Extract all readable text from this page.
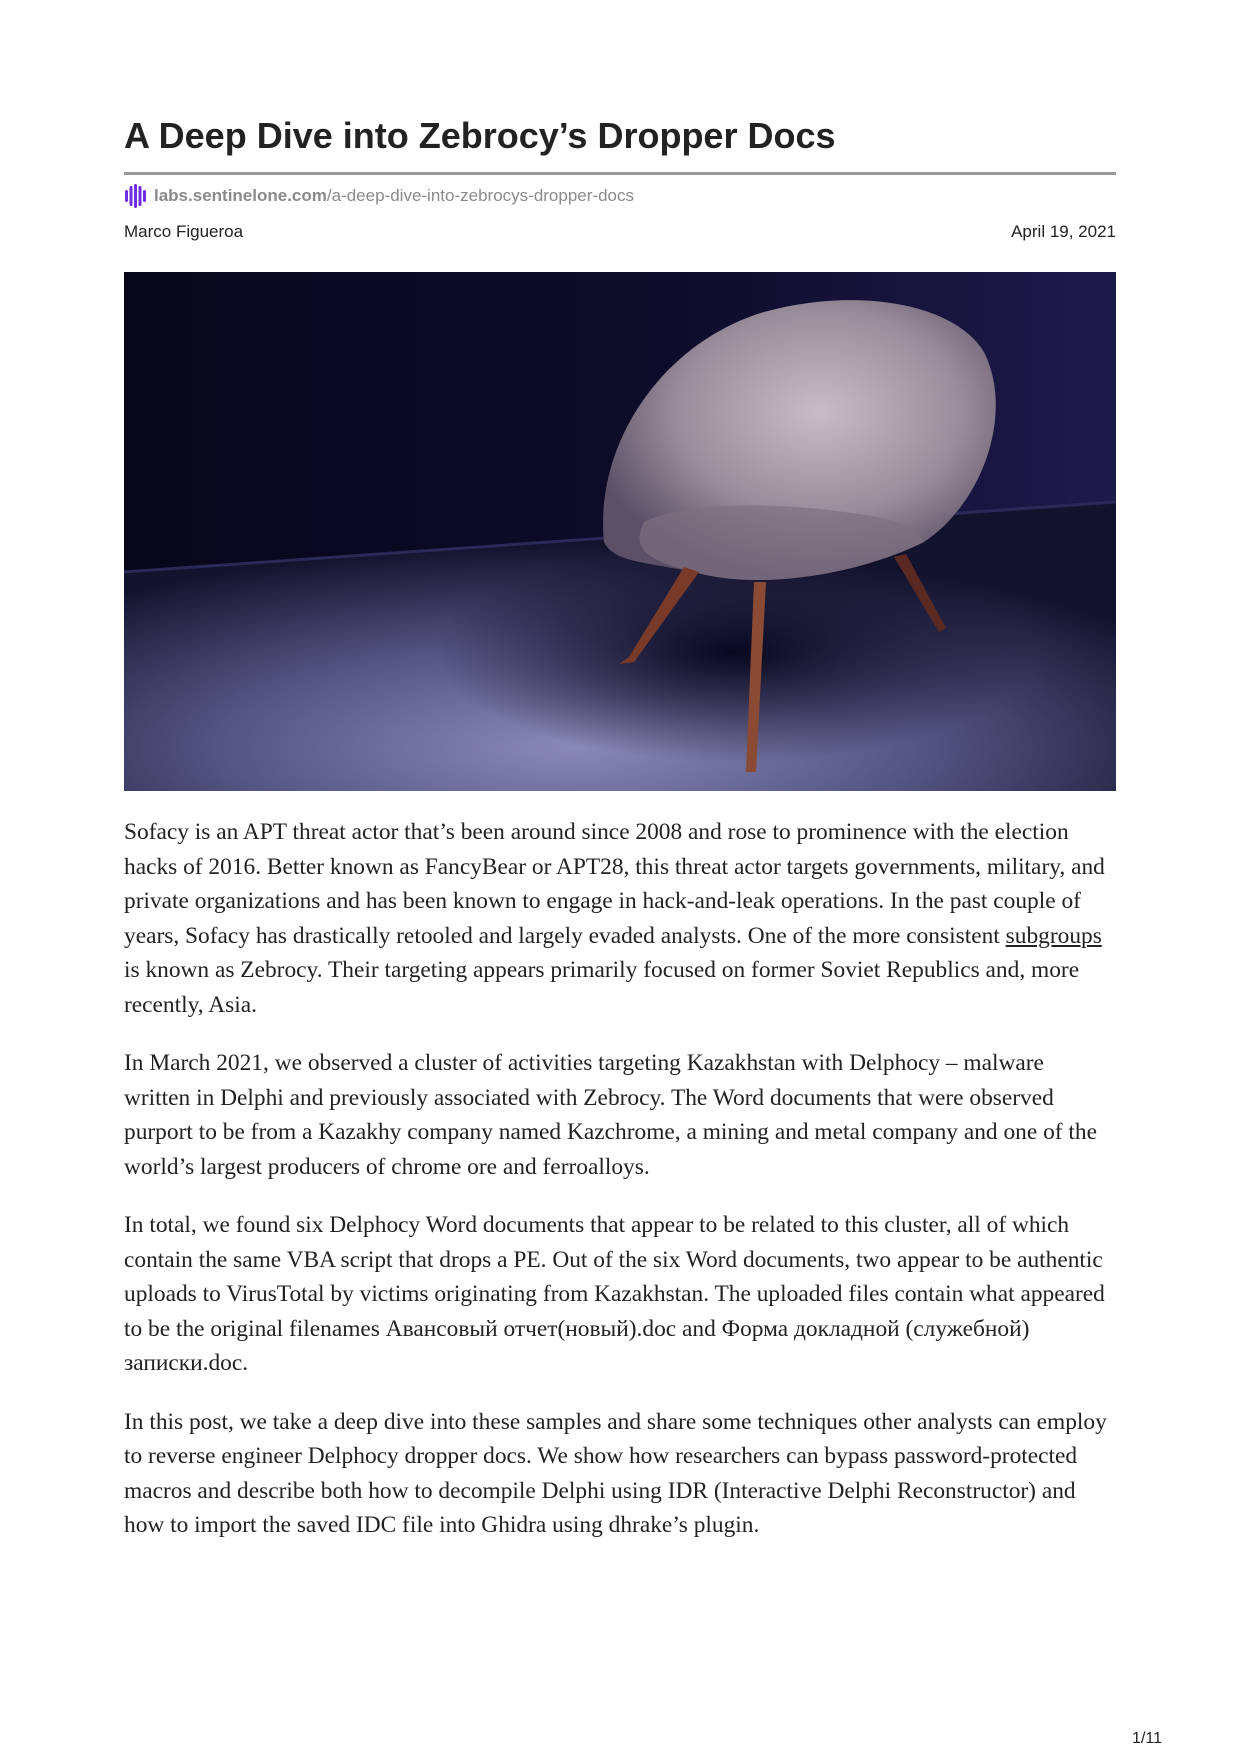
A Deep Dive into Zebrocy’s Dropper Docs
labs.sentinelone.com /a-deep-dive-into-zebrocys-dropper-docs
Marco Figueroa	April 19, 2021

Sofacy is an APT threat actor that’s been around since 2008 and rose to prominence with the election hacks of 2016. Better known as FancyBear or APT28, this threat actor targets governments, military, and private organizations and has been known to engage in hack-and-leak operations. In the past couple of years, Sofacy has drastically retooled and largely evaded analysts. One of the more consistent subgroups is known as Zebrocy. Their targeting appears primarily focused on former Soviet Republics and, more recently, Asia.

In March 2021, we observed a cluster of activities targeting Kazakhstan with Delphocy – malware written in Delphi and previously associated with Zebrocy. The Word documents that were observed purport to be from a Kazakhy company named Kazchrome, a mining and metal company and one of the world’s largest producers of chrome ore and ferroalloys.

In total, we found six Delphocy Word documents that appear to be related to this cluster, all of which contain the same VBA script that drops a PE. Out of the six Word documents, two appear to be authentic uploads to VirusTotal by victims originating from Kazakhstan. The uploaded files contain what appeared to be the original filenames Авансовый отчет(новый).doc and Форма докладной (служебной) записки.doc.

In this post, we take a deep dive into these samples and share some techniques other analysts can employ to reverse engineer Delphocy dropper docs. We show how researchers can bypass password-protected macros and describe both how to decompile Delphi using IDR (Interactive Delphi Reconstructor) and how to import the saved IDC file into Ghidra using dhrake’s plugin.

1/11
